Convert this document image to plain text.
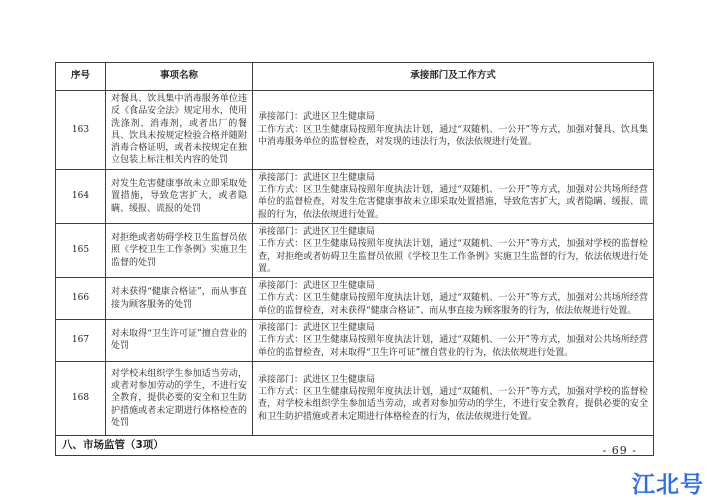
序号	事项名称	承接部门及工作方式
163	对餐具、饮具集中消毒服务单位违反《食品安全法》规定用水，使用洗涤剂、消毒剂，或者出厂的餐具、饮具未按规定检验合格并随附消毒合格证明，或者未按规定在独立包装上标注相关内容的处罚	承接部门：武进区卫生健康局

工作方式：区卫生健康局按照年度执法计划，通过“双随机、一公开”等方式，加强对餐具、饮具集中消毒服务单位的监督检查，对发现的违法行为，依法依规进行处置。

164	对发生危害健康事故未立即采取处置措施，导致危害扩大，或者隐瞒、缓报、谎报的处罚	承接部门：武进区卫生健康局

工作方式：区卫生健康局按照年度执法计划，通过“双随机、一公开”等方式，加强对公共场所经营单位的监督检查，对发生危害健康事故未立即采取处置措施，导致危害扩大，或者隐瞒、缓报、谎报的行为，依法依规进行处置。

165	对拒绝或者妨碍学校卫生监督员依照《学校卫生工作条例》实施卫生监督的处罚	承接部门：武进区卫生健康局

工作方式：区卫生健康局按照年度执法计划，通过“双随机、一公开”等方式，加强对学校的监督检查，对拒绝或者妨碍卫生监督员依照《学校卫生工作条例》实施卫生监督的行为，依法依规进行处置。

166	对未获得“健康合格证”，而从事直接为顾客服务的处罚	承接部门：武进区卫生健康局

工作方式：区卫生健康局按照年度执法计划，通过“双随机、一公开”等方式，加强对公共场所经营单位的监督检查，对未获得“健康合格证”、而从事直接为顾客服务的行为，依法依规进行处置。

167	对未取得“卫生许可证”擅自营业的处罚	承接部门：武进区卫生健康局

工作方式：区卫生健康局按照年度执法计划，通过“双随机、一公开”等方式，加强对公共场所经营单位的监督检查，对未取得“卫生许可证”擅自营业的行为，依法依规进行处置。

168	对学校未组织学生参加适当劳动，或者对参加劳动的学生，不进行安全教育，提供必要的安全和卫生防护措施或者未定期进行体格检查的处罚	承接部门：武进区卫生健康局

工作方式：区卫生健康局按照年度执法计划，通过“双随机、一公开”等方式，加强对学校的监督检查，对学校未组织学生参加适当劳动，或者对参加劳动的学生，不进行安全教育，提供必要的安全和卫生防护措施或者未定期进行体格检查的行为，依法依规进行处置。

八、市场监管（3项）			- 69 -
江北号
